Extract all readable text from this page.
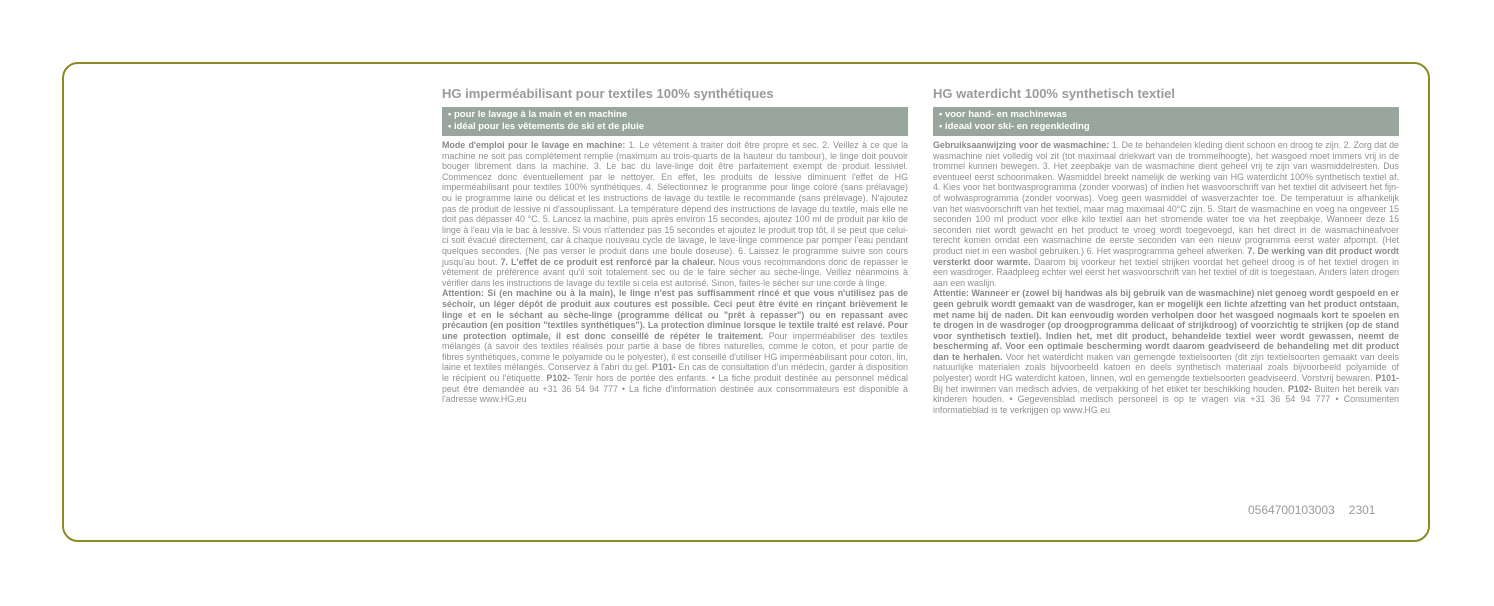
HG imperméabilisant pour textiles 100% synthétiques
• pour le lavage à la main et en machine
• idéal pour les vêtements de ski et de pluie

Mode d'emploi pour le lavage en machine: 1. Le vêtement à traiter doit être propre et sec. 2. Veillez à ce que la machine ne soit pas complètement remplie (maximum au trois-quarts de la hauteur du tambour), le linge doit pouvoir bouger librement dans la machine. 3. Le bac du lave-linge doit être parfaitement exempt de produit lessiviel. Commencez donc éventuellement par le nettoyer. En effet, les produits de lessive diminuent l'effet de HG imperméabilisant pour textiles 100% synthétiques. 4. Sélectionnez le programme pour linge coloré (sans prélavage) ou le programme laine ou délicat et les instructions de lavage du textile le recommande (sans prélavage). N'ajoutez pas de produit de lessive ni d'assouplissant. La température dépend des instructions de lavage du textile, mais elle ne doit pas dépasser 40 °C. 5. Lancez la machine, puis après environ 15 secondes, ajoutez 100 ml de produit par kilo de linge à l'eau via le bac à lessive. Si vous n'attendez pas 15 secondes et ajoutez le produit trop tôt, il se peut que celui-ci soit évacué directement, car à chaque nouveau cycle de lavage, le lave-linge commence par pomper l'eau pendant quelques secondes. (Ne pas verser le produit dans une boule doseuse). 6. Laissez le programme suivre son cours jusqu'au bout. 7. L'effet de ce produit est renforcé par la chaleur. Nous vous recommandons donc de repasser le vêtement de préférence avant qu'il soit totalement sec ou de le faire sécher au sèche-linge. Veillez néanmoins à vérifier dans les instructions de lavage du textile si cela est autorisé. Sinon, faites-le sécher sur une corde à linge.

Attention: Si (en machine ou à la main), le linge n'est pas suffisamment rincé et que vous n'utilisez pas de séchoir, un léger dépôt de produit aux coutures est possible. Ceci peut être évité en rinçant brièvement le linge et en le séchant au sèche-linge (programme délicat ou "prêt à repasser") ou en repassant avec précaution (en position "textiles synthétiques"). La protection diminue lorsque le textile traité est relavé. Pour une protection optimale, il est donc conseillé de répéter le traitement. Pour imperméabiliser des textiles mélangés (à savoir des textiles réalisés pour partie à base de fibres naturelles, comme le coton, et pour partie de fibres synthétiques, comme le polyamide ou le polyester), il est conseillé d'utiliser HG imperméabilisant pour coton, lin, laine et textiles mélangés. Conservez à l'abri du gel. P101- En cas de consultation d'un médecin, garder à disposition le récipient ou l'étiquette. P102- Tenir hors de portée des enfants. • La fiche produit destinée au personnel médical peut être demandée au +31 36 54 94 777 • La fiche d'information destinée aux consommateurs est disponible à l'adresse www.HG.eu

HG waterdicht 100% synthetisch textiel
• voor hand- en machinewas
• ideaal voor ski- en regenkleding

Gebruiksaanwijzing voor de wasmachine: 1. De te behandelen kleding dient schoon en droog te zijn. 2. Zorg dat de wasmachine niet volledig vol zit (tot maximaal driekwart van de trommelhoogte), het wasgoed moet immers vrij in de trommel kunnen bewegen. 3. Het zeepbakje van de wasmachine dient geheel vrij te zijn van wasmiddelresten. Dus eventueel eerst schoonmaken. Wasmiddel breekt namelijk de werking van HG waterdicht 100% synthetisch textiel af. 4. Kies voor het bontwasprogramma (zonder voorwas) of indien het wasvoorschrift van het textiel dit adviseert het fijn- of wolwasprogramma (zonder voorwas). Voeg geen wasmiddel of wasverzachter toe. De temperatuur is afhankelijk van het wasvoorschrift van het textiel, maar mag maximaal 40°C zijn. 5. Start de wasmachine en voeg na ongeveer 15 seconden 100 ml product voor elke kilo textiel aan het stromende water toe via het zeepbakje. Wanneer deze 15 seconden niet wordt gewacht en het product te vroeg wordt toegevoegd, kan het direct in de wasmachineafvoer terecht komen omdat een wasmachine de eerste seconden van een nieuw programma eerst water afpompt. (Het product niet in een wasbol gebruiken.) 6. Het wasprogramma geheel afwerken. 7. De werking van dit product wordt versterkt door warmte. Daarom bij voorkeur het textiel strijken voordat het geheel droog is of het textiel drogen in een wasdroger. Raadpleeg echter wel eerst het wasvoorschrift van het textiel of dit is toegestaan. Anders laten drogen aan een waslijn.

Attentie: Wanneer er (zowel bij handwas als bij gebruik van de wasmachine) niet genoeg wordt gespoeld en er geen gebruik wordt gemaakt van de wasdroger, kan er mogelijk een lichte afzetting van het product ontstaan, met name bij de naden. Dit kan eenvoudig worden verholpen door het wasgoed nogmaals kort te spoelen en te drogen in de wasdroger (op droogprogramma delicaat of strijkdroog) of voorzichtig te strijken (op de stand voor synthetisch textiel). Indien het, met dit product, behandelde textiel weer wordt gewassen, neemt de bescherming af. Voor een optimale bescherming wordt daarom geadviseerd de behandeling met dit product dan te herhalen. Voor het waterdicht maken van gemengde textielsoorten (dit zijn textielsoorten gemaakt van deels natuurlijke materialen zoals bijvoorbeeld katoen en deels synthetisch materiaal zoals bijvoorbeeld polyamide of polyester) wordt HG waterdicht katoen, linnen, wol en gemengde textielsoorten geadviseerd. Vorstvrij bewaren. P101- Bij het inwinnen van medisch advies, de verpakking of het etiket ter beschikking houden. P102- Buiten het bereik van kinderen houden. • Gegevensblad medisch personeel is op te vragen via +31 36 54 94 777 • Consumenten informatieblad is te verkrijgen op www.HG.eu

0564700103003 2301
